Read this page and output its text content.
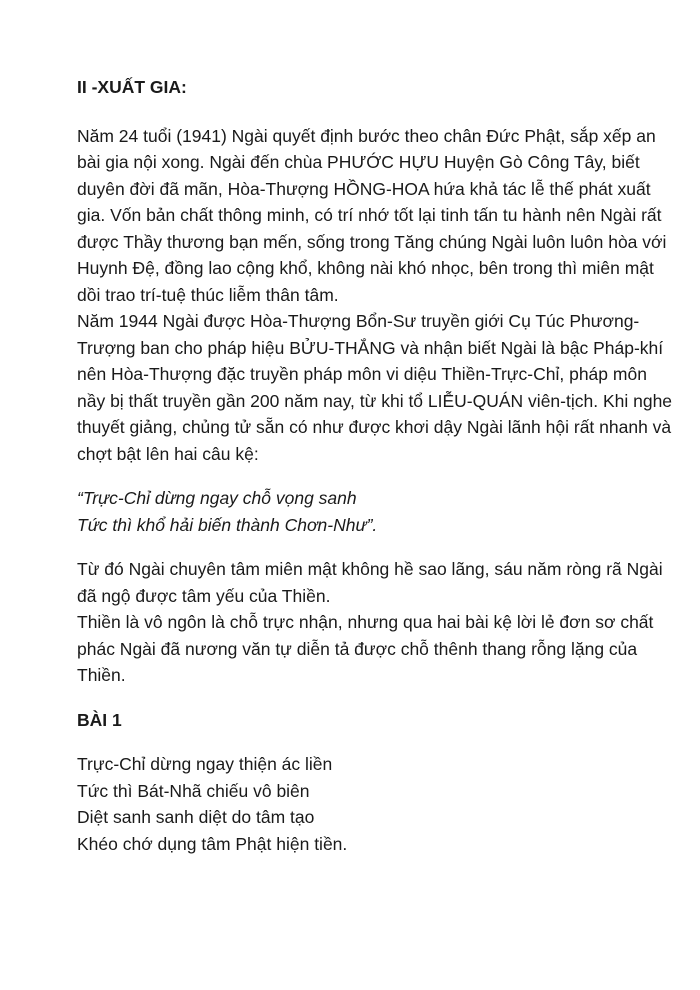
II -XUẤT GIA:

Năm 24 tuổi (1941) Ngài quyết định bước theo chân Đức Phật, sắp xếp an bài gia nội xong. Ngài đến chùa PHƯỚC HỰU Huyện Gò Công Tây, biết duyên đời đã mãn, Hòa-Thượng HỒNG-HOA hứa khả tác lễ thế phát xuất gia. Vốn bản chất thông minh, có trí nhớ tốt lại tinh tấn tu hành nên Ngài rất được Thầy thương bạn mến, sống trong Tăng chúng Ngài luôn luôn hòa với Huynh Đệ, đồng lao cộng khổ, không nài khó nhọc, bên trong thì miên mật dồi trao trí-tuệ thúc liễm thân tâm.

Năm 1944 Ngài được Hòa-Thượng Bổn-Sư truyền giới Cụ Túc Phương-Trượng ban cho pháp hiệu BỬU-THẮNG và nhận biết Ngài là bậc Pháp-khí nên Hòa-Thượng đặc truyền pháp môn vi diệu Thiền-Trực-Chỉ, pháp môn nầy bị thất truyền gần 200 năm nay, từ khi tổ LIỄU-QUÁN viên-tịch. Khi nghe thuyết giảng, chủng tử sẵn có như được khơi dậy Ngài lãnh hội rất nhanh và chợt bật lên hai câu kệ:

“Trực-Chỉ dừng ngay chỗ vọng sanh
Tức thì khổ hải biến thành Chơn-Như”.

Từ đó Ngài chuyên tâm miên mật không hề sao lãng, sáu năm ròng rã Ngài đã ngộ được tâm yếu của Thiền.

Thiền là vô ngôn là chỗ trực nhận, nhưng qua hai bài kệ lời lẻ đơn sơ chất phác Ngài đã nương văn tự diễn tả được chỗ thênh thang rỗng lặng của Thiền.

BÀI 1

Trực-Chỉ dừng ngay thiện ác liền
Tức thì Bát-Nhã chiếu vô biên
Diệt sanh sanh diệt do tâm tạo
Khéo chớ dụng tâm Phật hiện tiền.
